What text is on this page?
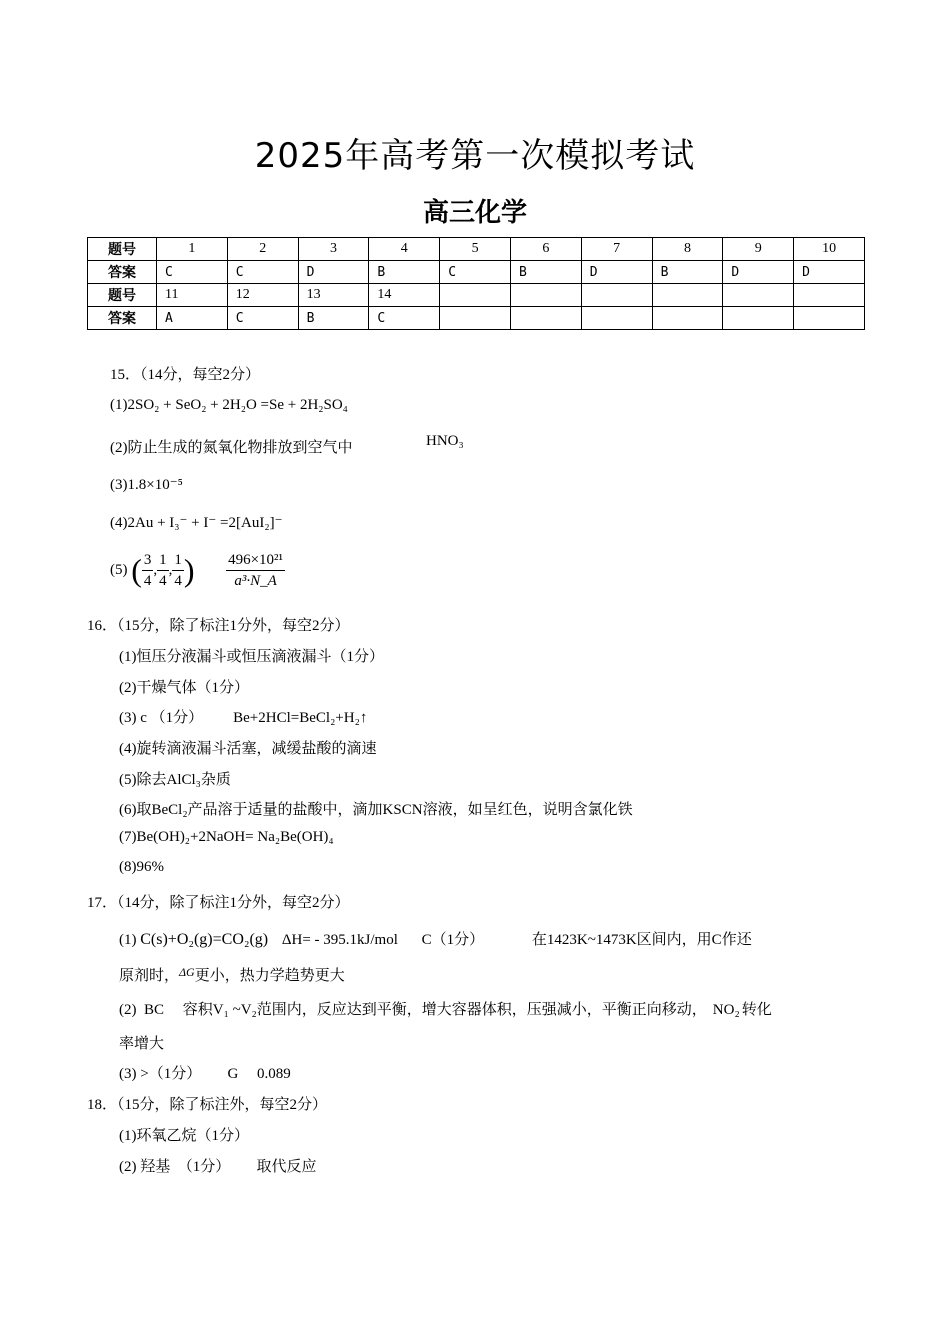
2025年高考第一次模拟考试
高三化学
题号	1	2	3	4	5	6	7	8	9	10
答案	C	C	D	B	C	B	D	B	D	D
题号	11	12	13	14						
答案	A	C	B	C						
15．（14分，每空2分）
(1)2SO₂ + SeO₂ + 2H₂O =Se + 2H₂SO₄
(2)防止生成的氮氧化物排放到空气中	HNO₃
(3)1.8×10⁻⁵
(4)2Au + I₃⁻ + I⁻ =2[AuI₂]⁻
(5) ( $\frac{3}{4}$ , $\frac{1}{4}$ , $\frac{1}{4}$ ) $\frac{\text{496×10²¹}}{\text{a³·N\_A}}$
16．（15分，除了标注1分外，每空2分）
(1)恒压分液漏斗或恒压滴液漏斗（1分）
(2)干燥气体（1分）
(3) c （1分）        Be+2HCl=BeCl₂+H₂↑
(4)旋转滴液漏斗活塞，减缓盐酸的滴速
(5)除去AlCl₃杂质
(6)取BeCl₂产品溶于适量的盐酸中，滴加KSCN溶液，如呈红色，说明含氯化铁
(7)Be(OH)₂+2NaOH= Na₂Be(OH)₄
(8)96%
17．（14分，除了标注1分外，每空2分）
(1) C(s)+O₂(g)=CO₂(g) ΔH= - 395.1kJ/mol C（1分）	在1423K~1473K区间内，用C作还
原剂时，$^{\Delta G}$更小，热力学趋势更大
(2)  BC     容积V₁ ~V₂范围内，反应达到平衡，增大容器体积，压强减小，平衡正向移动， NO₂ 转化
率增大
(3) >（1分）       G     0.089
18．（15分，除了标注外，每空2分）
(1)环氧乙烷（1分）
(2) 羟基  （1分）       取代反应
